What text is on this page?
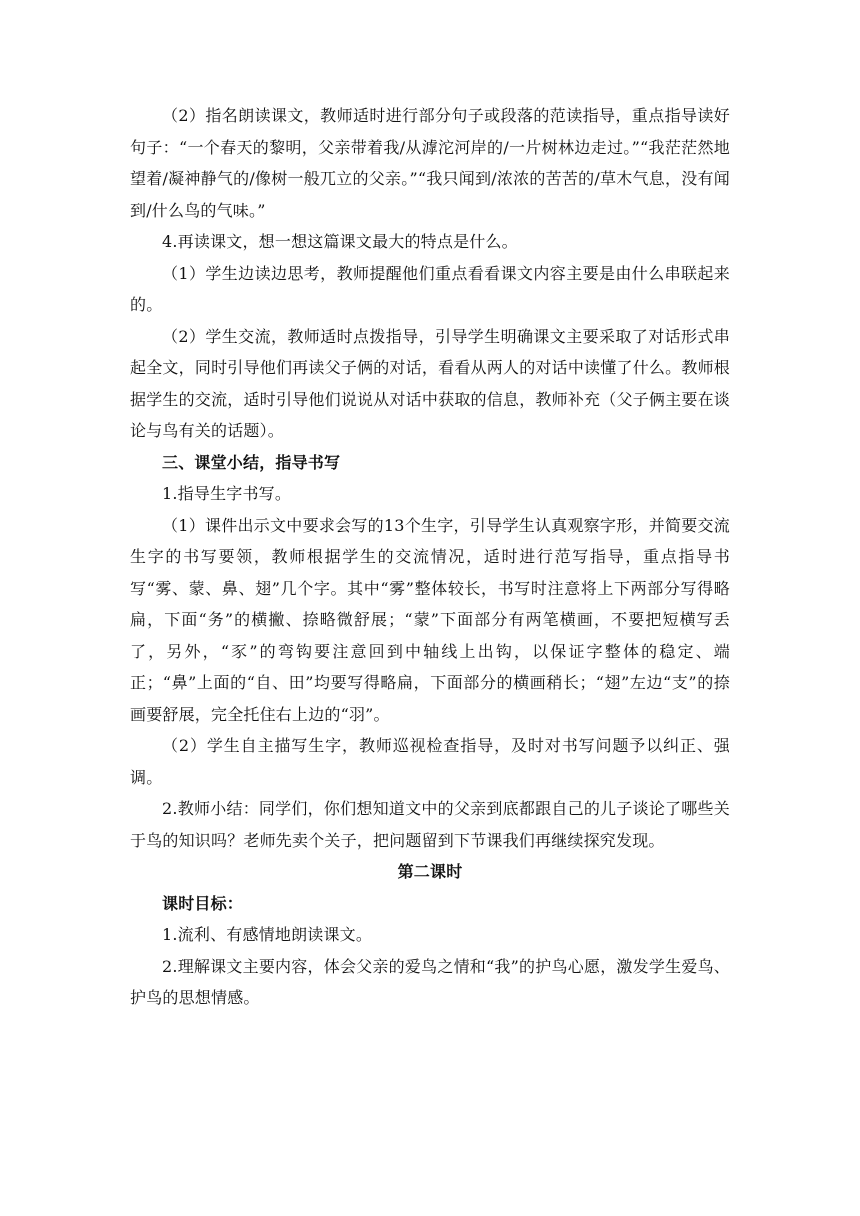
（2）指名朗读课文，教师适时进行部分句子或段落的范读指导，重点指导读好句子：“一个春天的黎明，父亲带着我/从滹沱河岸的/一片树林边走过。”“我茫茫然地望着/凝神静气的/像树一般兀立的父亲。”“我只闻到/浓浓的苦苦的/草木气息，没有闻到/什么鸟的气味。”

4.再读课文，想一想这篇课文最大的特点是什么。

（1）学生边读边思考，教师提醒他们重点看看课文内容主要是由什么串联起来的。

（2）学生交流，教师适时点拨指导，引导学生明确课文主要采取了对话形式串起全文，同时引导他们再读父子俩的对话，看看从两人的对话中读懂了什么。教师根据学生的交流，适时引导他们说说从对话中获取的信息，教师补充（父子俩主要在谈论与鸟有关的话题）。

三、课堂小结，指导书写

1.指导生字书写。

（1）课件出示文中要求会写的13个生字，引导学生认真观察字形，并简要交流生字的书写要领，教师根据学生的交流情况，适时进行范写指导，重点指导书写“雾、蒙、鼻、翅”几个字。其中“雾”整体较长，书写时注意将上下两部分写得略扁，下面“务”的横撇、捺略微舒展；“蒙”下面部分有两笔横画，不要把短横写丢了，另外，“豕”的弯钩要注意回到中轴线上出钩，以保证字整体的稳定、端正；“鼻”上面的“自、田”均要写得略扁，下面部分的横画稍长；“翅”左边“支”的捺画要舒展，完全托住右上边的“羽”。

（2）学生自主描写生字，教师巡视检查指导，及时对书写问题予以纠正、强调。

2.教师小结：同学们，你们想知道文中的父亲到底都跟自己的儿子谈论了哪些关于鸟的知识吗？老师先卖个关子，把问题留到下节课我们再继续探究发现。

第二课时

课时目标：

1.流利、有感情地朗读课文。

2.理解课文主要内容，体会父亲的爱鸟之情和“我”的护鸟心愿，激发学生爱鸟、护鸟的思想情感。
